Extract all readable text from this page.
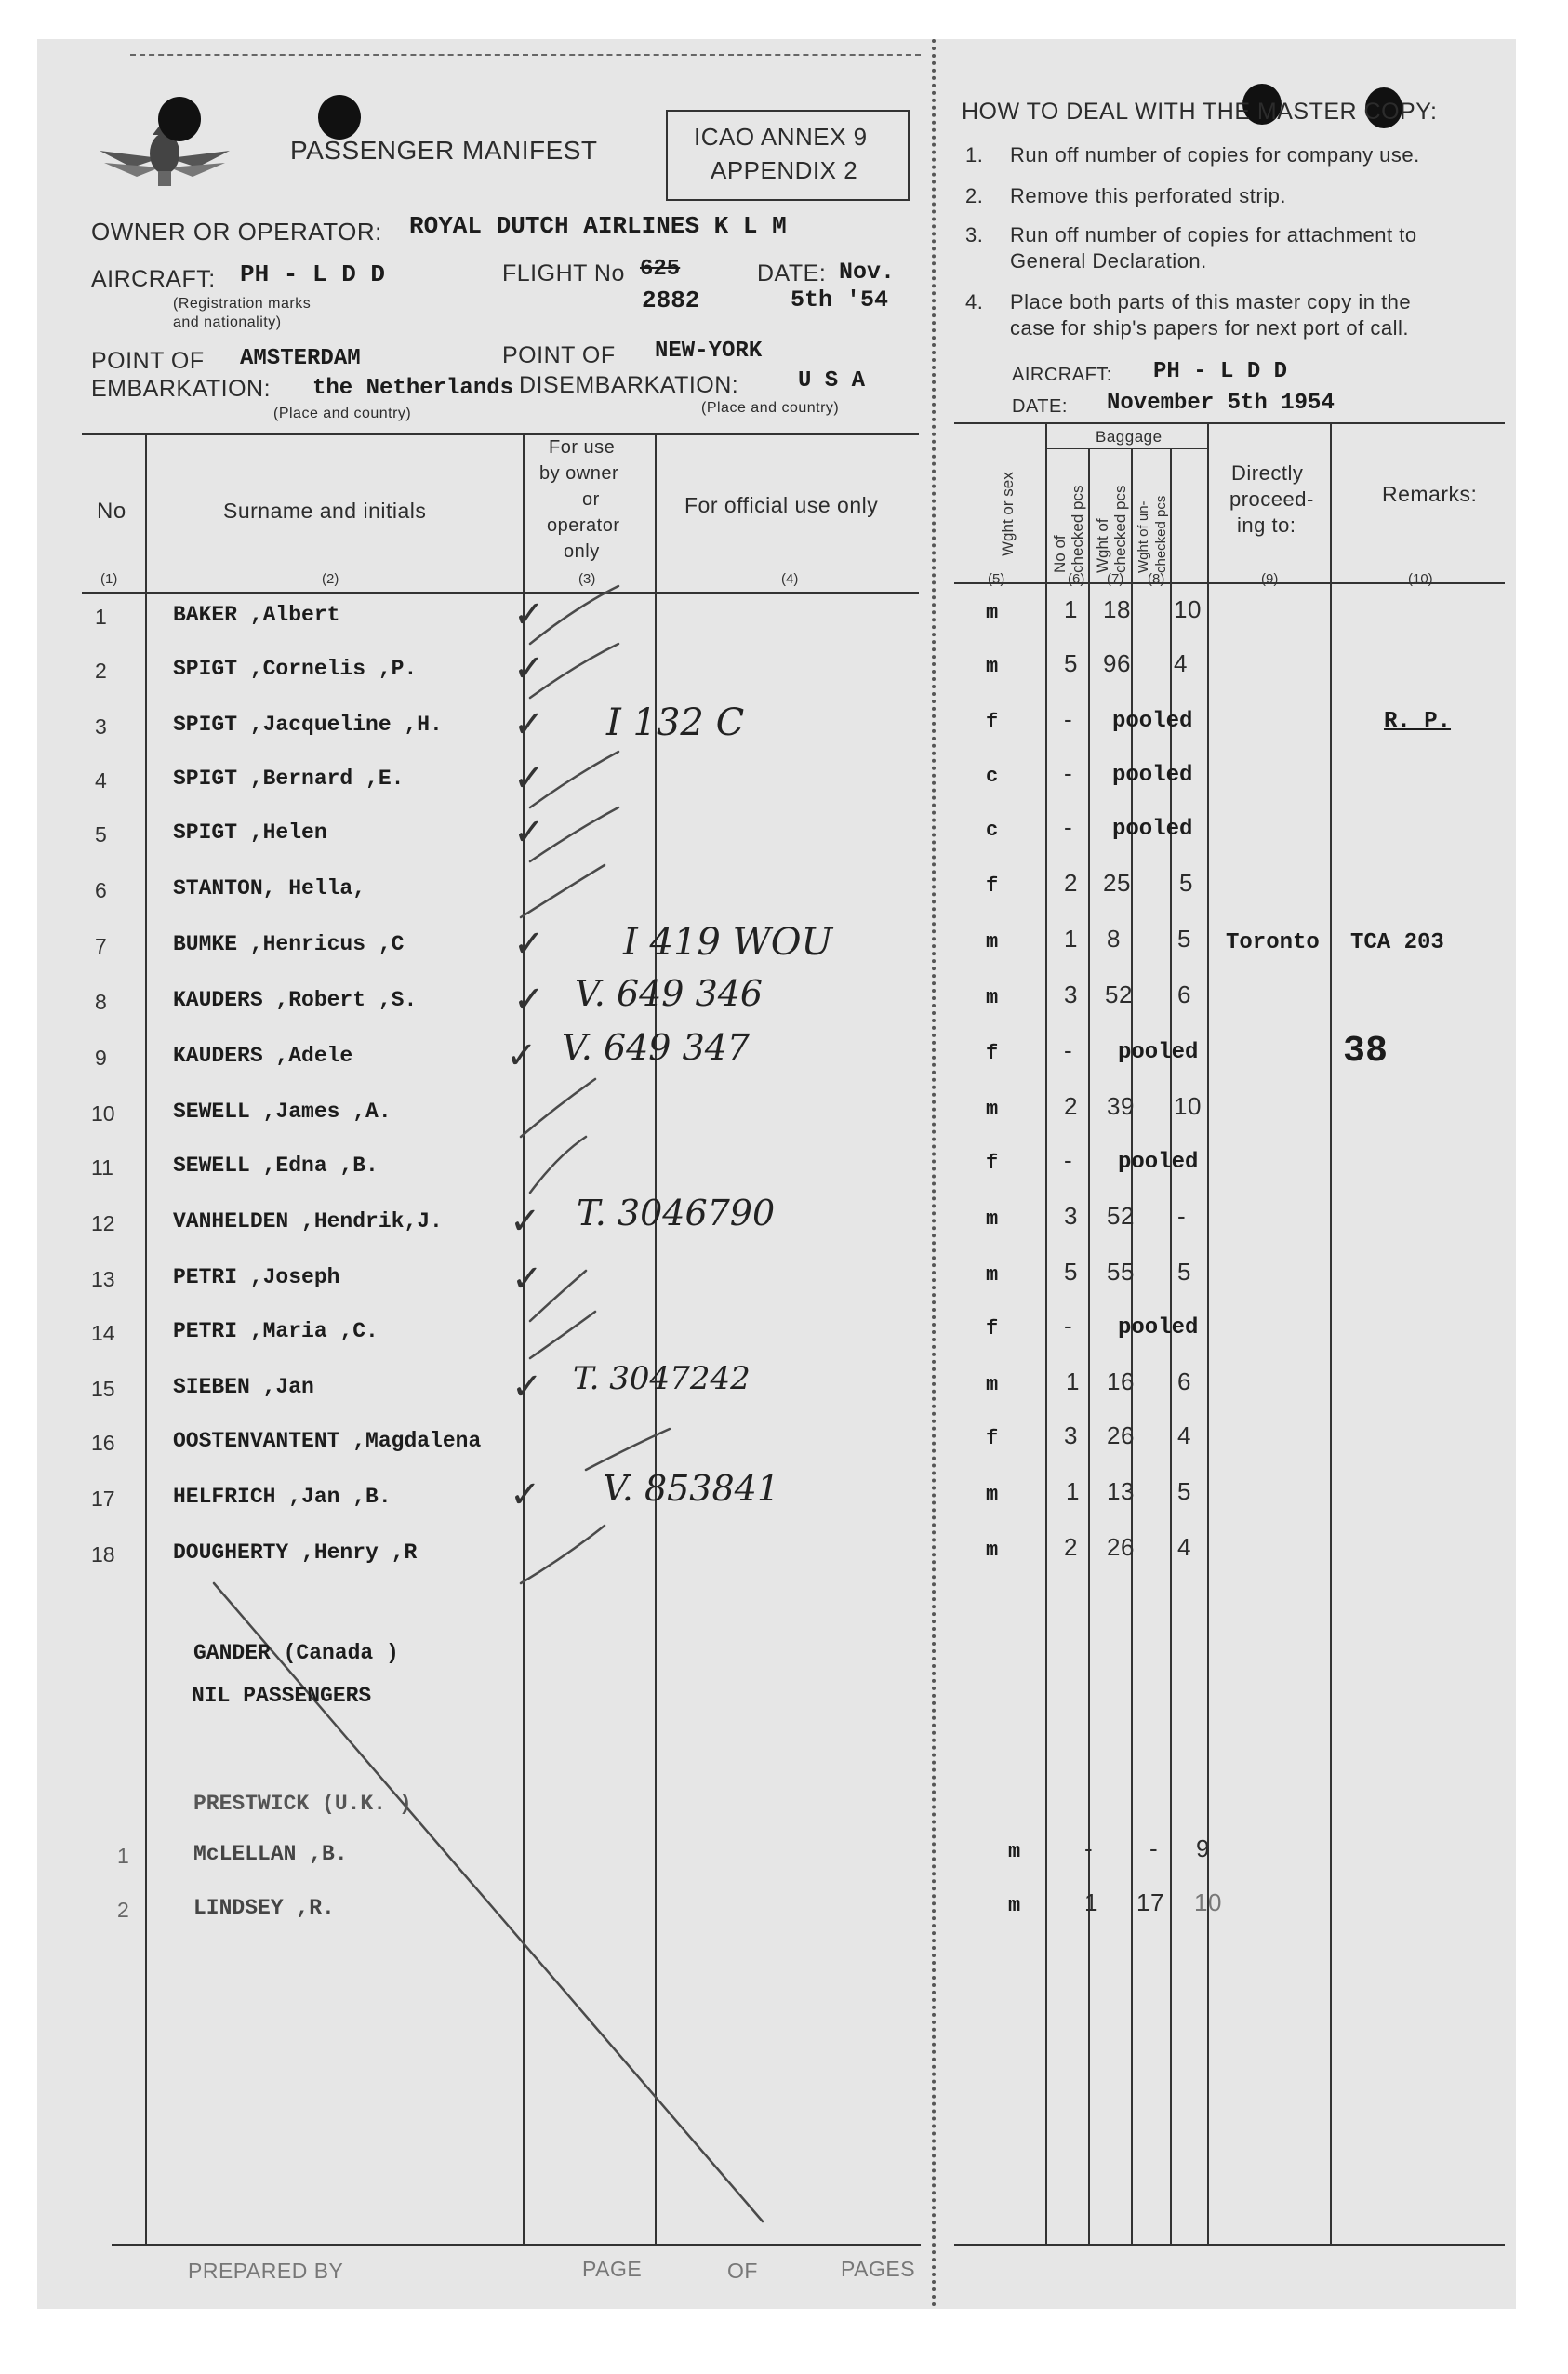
PASSENGER MANIFEST	ICAO ANNEX 9
APPENDIX 2
OWNER OR OPERATOR: ROYAL DUTCH AIRLINES K L M
AIRCRAFT: PH - L D D
(Registration marks
and nationality)
FLIGHT No 625
2882
DATE: Nov.
5th '54
POINT OF
EMBARKATION:
AMSTERDAM
the Netherlands
(Place and country)
POINT OF
DISEMBARKATION:
NEW-YORK
U S A
(Place and country)
HOW TO DEAL WITH THE MASTER COPY:
1. Run off number of copies for company use.
2. Remove this perforated strip.
3. Run off number of copies for attachment to
General Declaration.
4. Place both parts of this master copy in the
case for ship's papers for next port of call.
AIRCRAFT: PH - L D D
DATE: November 5th 1954
No	Surname and initials
For use
by owner
or
operator
only
For official use only
(1)	(2)	(3)	(4)
Wght or sex
Baggage
No of
checked pcs Wght of
checked pcs Wght of un- checked pcs
Directly
proceed-
ing to:
Remarks:
(5)	(6) (7) (8)	(9)	(10)
1	BAKER ,Albert	✓	m	1 18 10
2	SPIGT ,Cornelis ,P.	✓	m	5 96 4
3	SPIGT ,Jacqueline ,H. ✓ I 132 C	f	- pooled	R. P.
4	SPIGT ,Bernard ,E.	✓	c	- pooled
5	SPIGT ,Helen	✓	c	- pooled
6	STANTON, Hella,	f	2 25 5
7	BUMKE ,Henricus ,C	✓ I 419 WOU	m	1 8 5 Toronto TCA 203
8	KAUDERS ,Robert ,S.	✓ V. 649 346	m	3 52 6
9	KAUDERS ,Adele	✓ V. 649 347	f	- pooled	38
10	SEWELL ,James ,A.	m	2 39 10
11	SEWELL ,Edna ,B.	f	- pooled
12	VANHELDEN ,Hendrik,J. ✓ T. 3046790	m	3 52 -
13	PETRI ,Joseph	✓	m	5 55 5
14	PETRI ,Maria ,C.	f	- pooled
15	SIEBEN ,Jan	✓ T. 3047242	m	1 16 6
16	OOSTENVANTENT ,Magdalena	f	3 26 4
17	HELFRICH ,Jan ,B.	✓ V. 853841	m	1 13 5
18	DOUGHERTY ,Henry ,R	m	2 26 4
GANDER (Canada )
NIL PASSENGERS
PRESTWICK (U.K. )
1	McLELLAN ,B.	m	- - 9
2	LINDSEY ,R.	m	1 17 10
PREPARED BY	PAGE	OF	PAGES
